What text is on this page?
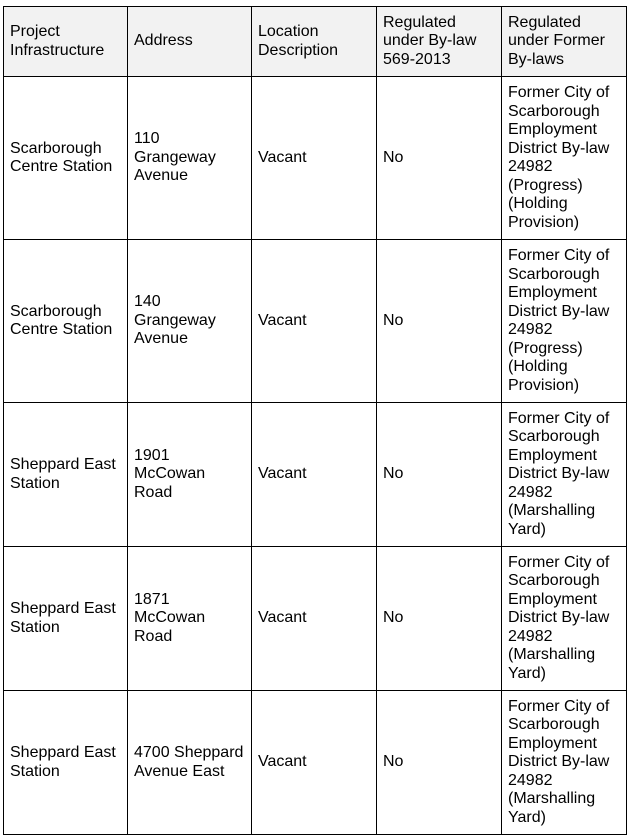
Project Infrastructure	Address	Location Description	Regulated under By-law 569-2013	Regulated under Former By-laws
Scarborough Centre Station	110 Grangeway Avenue	Vacant	No	Former City of Scarborough Employment District By-law 24982 (Progress) (Holding Provision)
Scarborough Centre Station	140 Grangeway Avenue	Vacant	No	Former City of Scarborough Employment District By-law 24982 (Progress) (Holding Provision)
Sheppard East Station	1901 McCowan Road	Vacant	No	Former City of Scarborough Employment District By-law 24982 (Marshalling Yard)
Sheppard East Station	1871 McCowan Road	Vacant	No	Former City of Scarborough Employment District By-law 24982 (Marshalling Yard)
Sheppard East Station	4700 Sheppard Avenue East	Vacant	No	Former City of Scarborough Employment District By-law 24982 (Marshalling Yard)
